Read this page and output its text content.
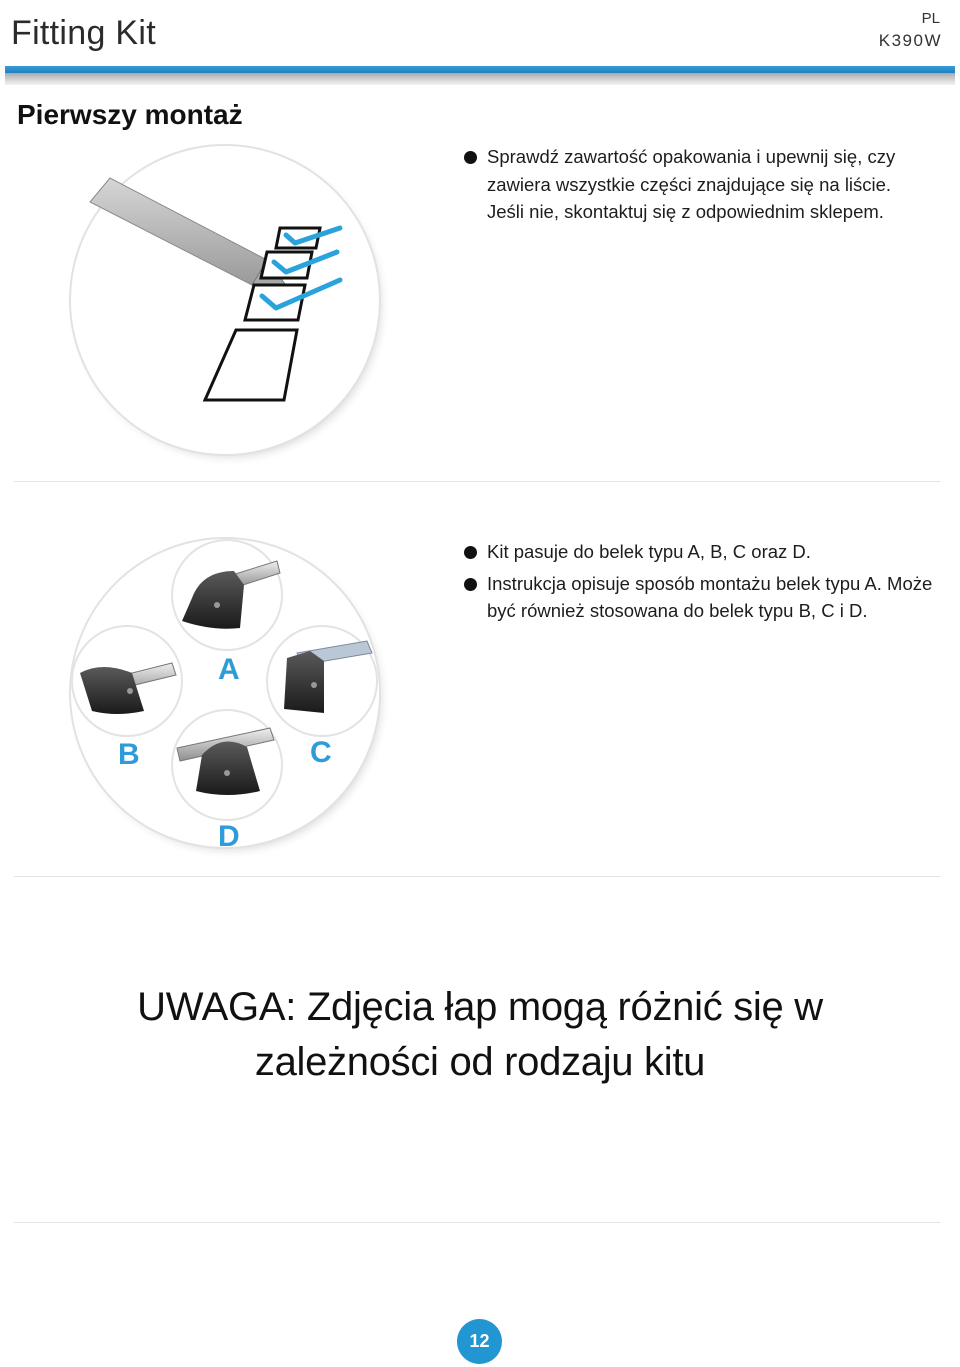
Fitting Kit	PL
K390W
Pierwszy montaż
Sprawdź zawartość opakowania i upewnij się, czy zawiera wszystkie części znajdujące się na liście. Jeśli nie, skontaktuj się z odpowiednim sklepem.
A
B	C
D
Kit pasuje do belek typu A, B, C oraz D.
Instrukcja opisuje sposób montażu belek typu A. Może być również stosowana do belek typu B, C i D.
UWAGA: Zdjęcia łap mogą różnić się w
zależności od rodzaju kitu
12
